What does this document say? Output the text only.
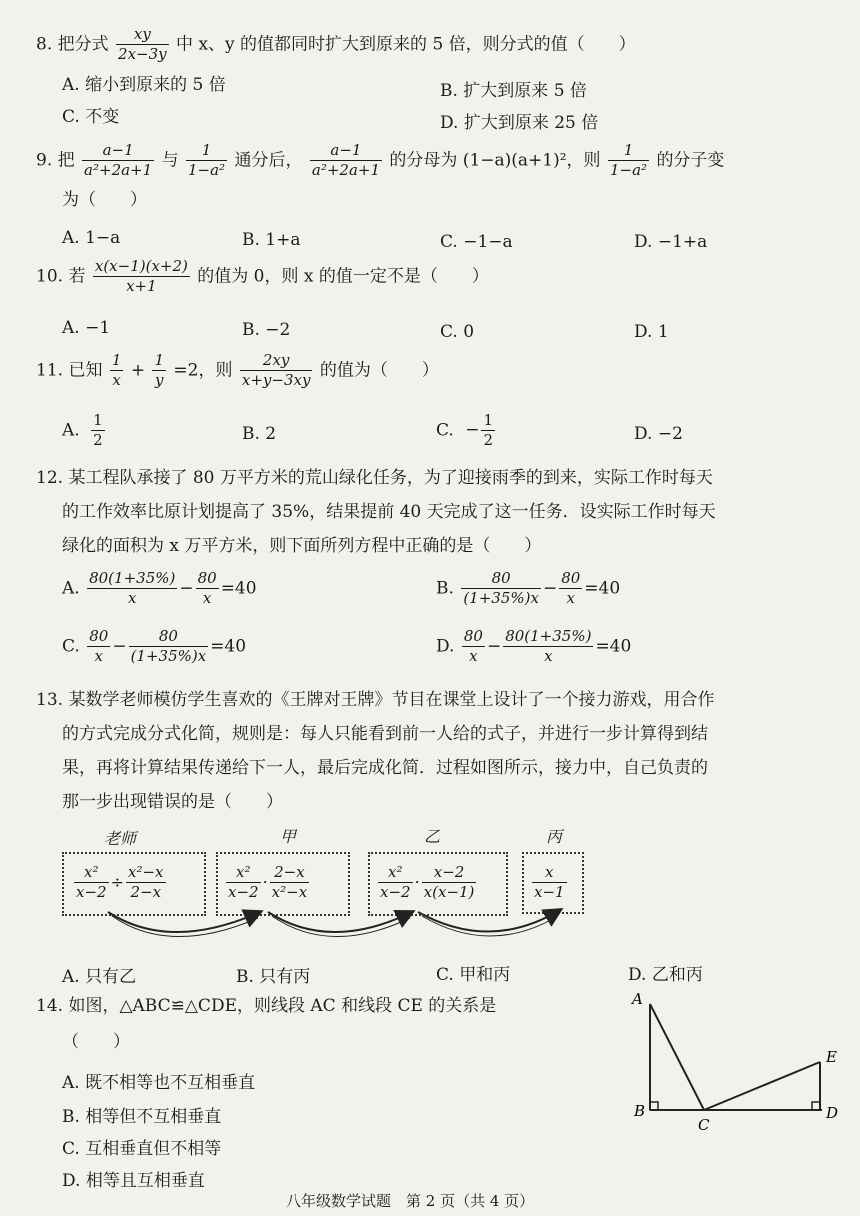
8. 把分式 $\frac{xy}{2x-3y}$ 中 x、y 的值都同时扩大到原来的 5 倍，则分式的值（　　）
A. 缩小到原来的 5 倍	B. 扩大到原来 5 倍
C. 不变	D. 扩大到原来 25 倍
9. 把 $\frac{a-1}{\text{a²+2a+1}}$ 与 $\frac{1}{\text{1−a²}}$ 通分后， $\frac{a-1}{\text{a²+2a+1}}$ 的分母为 (1−a)(a+1)²，则 $\frac{1}{\text{1−a²}}$ 的分子变
为（　　）
A. 1−a	B. 1+a	C. −1−a	D. −1+a
10. 若 $\frac{x(x-1)(x+2)}{x+1}$ 的值为 0，则 x 的值一定不是（　　）
A. −1	B. −2	C. 0	D. 1
11. 已知 $\frac{1}{x} + \frac{1}{y} =2$，则 $\frac{2xy}{x+y-3xy}$ 的值为（　　）
A. $\frac{1}{2}$	B. 2	C. − $\frac{1}{2}$	D. −2
12. 某工程队承接了 80 万平方米的荒山绿化任务，为了迎接雨季的到来，实际工作时每天
的工作效率比原计划提高了 35%，结果提前 40 天完成了这一任务．设实际工作时每天
绿化的面积为 x 万平方米，则下面所列方程中正确的是（　　）
A. $\frac{80(1+35\%)}{x} - \frac{80}{x} =40$	B. $\frac{80}{(1+35\%)x} - \frac{80}{x} =40$
C. $\frac{80}{x} - \frac{80}{(1+35\%)x} =40$	D. $\frac{80}{x} - \frac{80(1+35\%)}{x} =40$
13. 某数学老师模仿学生喜欢的《王牌对王牌》节目在课堂上设计了一个接力游戏，用合作
的方式完成分式化简，规则是：每人只能看到前一人给的式子，并进行一步计算得到结
果，再将计算结果传递给下一人，最后完成化简．过程如图所示，接力中，自己负责的
那一步出现错误的是（　　）
老师	甲	乙	丙
$\frac{\text{x²}}{x-2} \div \frac{\text{x²−x}}{2-x}$	$\frac{\text{x²}}{x-2} \cdot \frac{2-x}{\text{x²−x}}$	$\frac{\text{x²}}{x-2} \cdot \frac{x-2}{x(x-1)}$	$\frac{x}{x-1}$
A. 只有乙	B. 只有丙	C. 甲和丙	D. 乙和丙
14. 如图，△ABC≌△CDE，则线段 AC 和线段 CE 的关系是
（　　）
A. 既不相等也不互相垂直
B. 相等但不互相垂直
C. 互相垂直但不相等
D. 相等且互相垂直
A
B
C
D
E
八年级数学试题　第 2 页（共 4 页）
